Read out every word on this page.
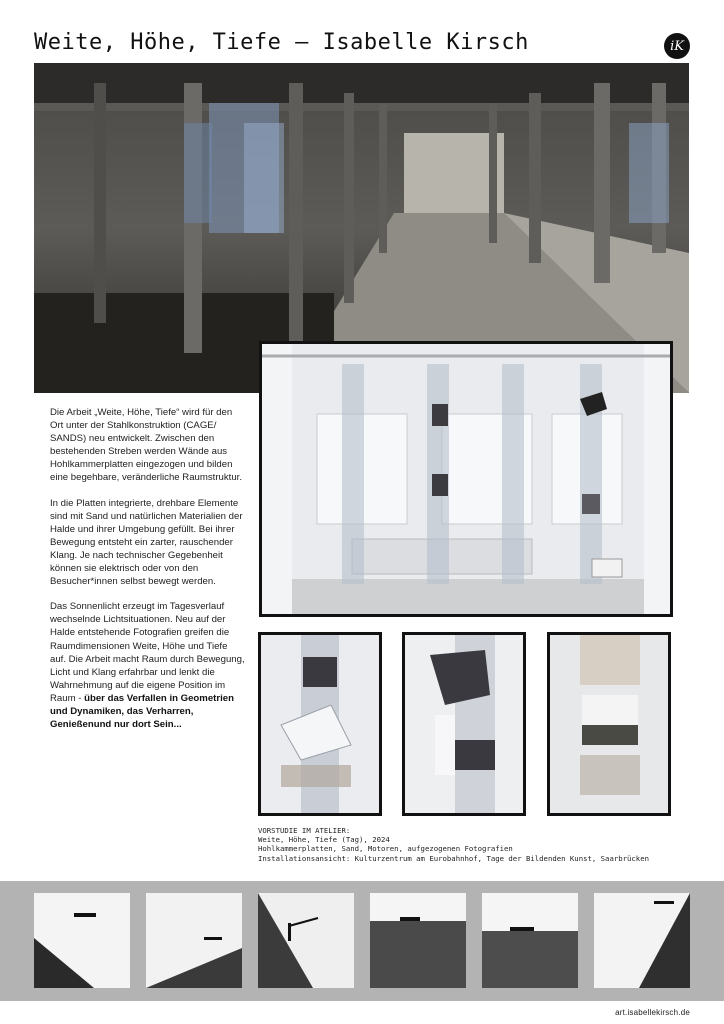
Weite, Höhe, Tiefe – Isabelle Kirsch	iK

Die Arbeit „Weite, Höhe, Tiefe“ wird für den Ort unter der Stahlkonstruktion (CAGE/ SANDS) neu entwickelt. Zwischen den bestehenden Streben werden Wände aus Hohlkammerplatten eingezogen und bilden eine begehbare, veränderliche Raumstruktur.

In die Platten integrierte, drehbare Elemente sind mit Sand und natürlichen Materialien der Halde und ihrer Umgebung gefüllt. Bei ihrer Bewegung entsteht ein zarter, rauschender Klang. Je nach technischer Gegebenheit können sie elektrisch oder von den Besucher*innen selbst bewegt werden.

Das Sonnenlicht erzeugt im Tagesverlauf wechselnde Lichtsituationen. Neu auf der Halde entstehende Fotografien greifen die Raumdimensionen Weite, Höhe und Tiefe auf. Die Arbeit macht Raum durch Bewegung, Licht und Klang erfahrbar und lenkt die Wahrnehmung auf die eigene Position im Raum - über das Verfallen in Geometrien und Dynamiken, das Verharren, Genießenund nur dort Sein...

VORSTUDIE IM ATELIER:
Weite, Höhe, Tiefe (Tag), 2024
Hohlkammerplatten, Sand, Motoren, aufgezogenen Fotografien
Installationsansicht: Kulturzentrum am Eurobahnhof, Tage der Bildenden Kunst, Saarbrücken
art.isabellekirsch.de
